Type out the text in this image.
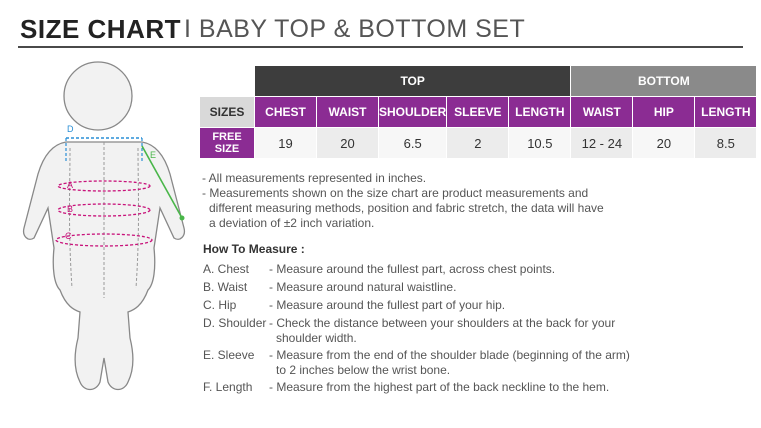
SIZE CHART I BABY TOP & BOTTOM SET
D
E
A
B
C
	TOP					BOTTOM		
SIZES	CHEST	WAIST	SHOULDER	SLEEVE	LENGTH	WAIST	HIP	LENGTH
FREE SIZE	19	20	6.5	2	10.5	12 - 24	20	8.5
- All measurements represented in inches.
- Measurements shown on the size chart are product measurements and
different measuring methods, position and fabric stretch, the data will have
a deviation of ±2 inch variation.
How To Measure :
A. Chest - Measure around the fullest part, across chest points.
B. Waist - Measure around natural waistline.
C. Hip	- Measure around the fullest part of your hip.
D. Shoulder - Check the distance between your shoulders at the back for your
shoulder width.
E. Sleeve - Measure from the end of the shoulder blade (beginning of the arm)
to 2 inches below the wrist bone.
F. Length - Measure from the highest part of the back neckline to the hem.
